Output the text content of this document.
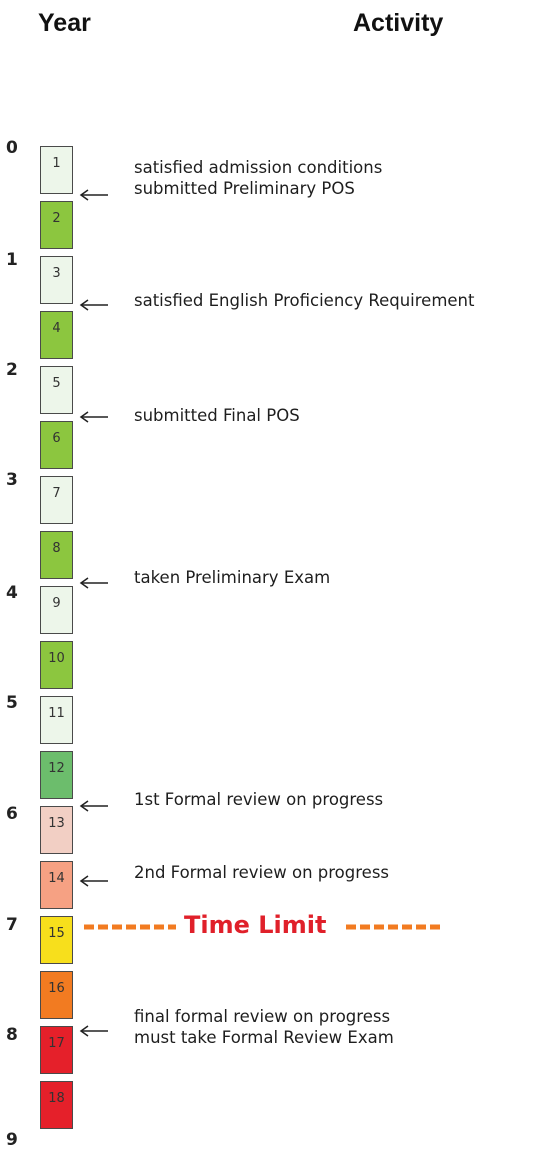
Year	Activity
0
1
2
3
4
5
6
7
8
9
1
2
3
4
5
6
7
8
9
10
11
12
13
14
15
16
17
18
satisfied admission conditions
submitted Preliminary POS
satisfied English Proficiency Requirement
submitted Final POS
taken Preliminary Exam
1st Formal review on progress
2nd Formal review on progress
final formal review on progress
must take Formal Review Exam
Time Limit
